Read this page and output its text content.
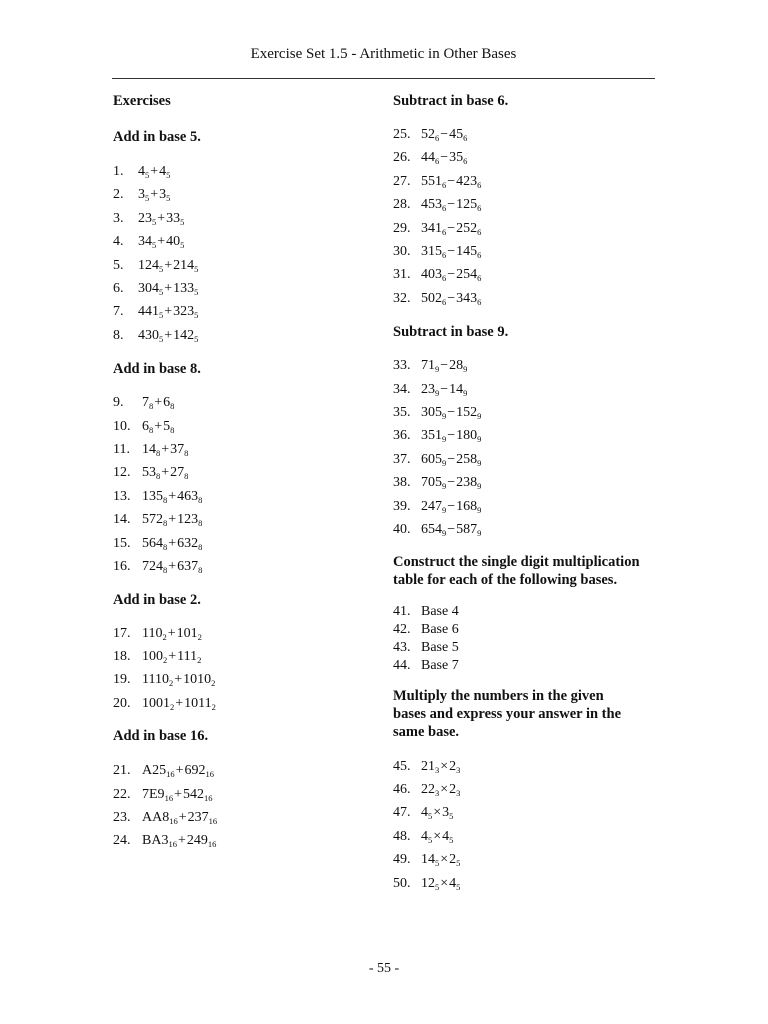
Exercise Set 1.5 - Arithmetic in Other Bases
Exercises
Add in base 5.
1. $4_5+4_5$
2. $3_5+3_5$
3. $23_5+33_5$
4. $34_5+40_5$
5. $124_5+214_5$
6. $304_5+133_5$
7. $441_5+323_5$
8. $430_5+142_5$
Add in base 8.
9. $7_8+6_8$
10. $6_8+5_8$
11. $14_8+37_8$
12. $53_8+27_8$
13. $135_8+463_8$
14. $572_8+123_8$
15. $564_8+632_8$
16. $724_8+637_8$
Add in base 2.
17. $110_2+101_2$
18. $100_2+111_2$
19. $1110_2+1010_2$
20. $1001_2+1011_2$
Add in base 16.
21. $A25_{16}+692_{16}$
22. $7E9_{16}+542_{16}$
23. $AA8_{16}+237_{16}$
24. $BA3_{16}+249_{16}$
Subtract in base 6.
25. $52_6-45_6$
26. $44_6-35_6$
27. $551_6-423_6$
28. $453_6-125_6$
29. $341_6-252_6$
30. $315_6-145_6$
31. $403_6-254_6$
32. $502_6-343_6$
Subtract in base 9.
33. $71_9-28_9$
34. $23_9-14_9$
35. $305_9-152_9$
36. $351_9-180_9$
37. $605_9-258_9$
38. $705_9-238_9$
39. $247_9-168_9$
40. $654_9-587_9$
Construct the single digit multiplication table for each of the following bases.
41. Base 4
42. Base 6
43. Base 5
44. Base 7
Multiply the numbers in the given bases and express your answer in the same base.
45. $21_3\times 2_3$
46. $22_3\times 2_3$
47. $4_5\times 3_5$
48. $4_5\times 4_5$
49. $14_5\times 2_5$
50. $12_5\times 4_5$
- 55 -
